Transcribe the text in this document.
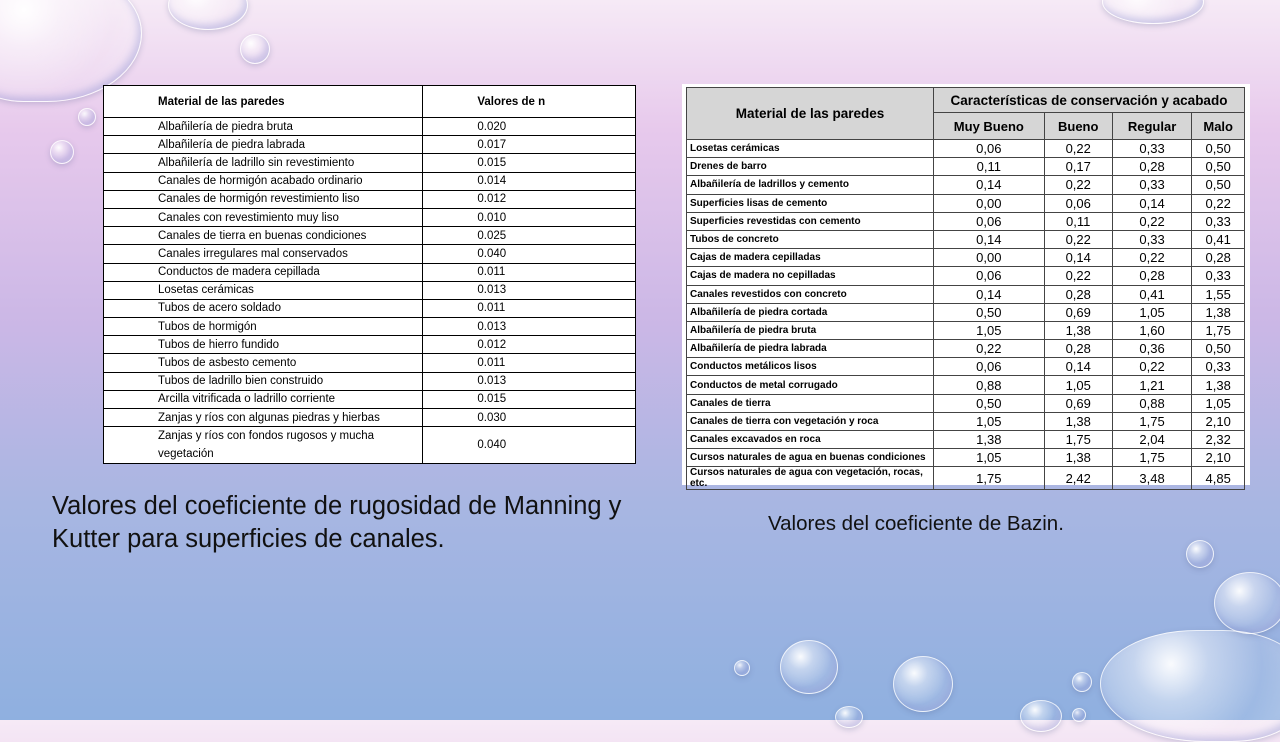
Material de las paredes	Valores de n
Albañilería de piedra bruta	0.020
Albañilería de piedra labrada	0.017
Albañilería de ladrillo sin revestimiento	0.015
Canales de hormigón acabado ordinario	0.014
Canales de hormigón revestimiento liso	0.012
Canales con revestimiento muy liso	0.010
Canales de tierra en buenas condiciones	0.025
Canales irregulares mal conservados	0.040
Conductos de madera cepillada	0.011
Losetas cerámicas	0.013
Tubos de acero soldado	0.011
Tubos de hormigón	0.013
Tubos de hierro fundido	0.012
Tubos de asbesto cemento	0.011
Tubos de ladrillo bien construido	0.013
Arcilla vitrificada o ladrillo corriente	0.015
Zanjas y ríos con algunas piedras y hierbas	0.030
Zanjas y ríos con fondos rugosos y mucha vegetación	0.040
Valores del coeficiente de rugosidad de Manning y Kutter para superficies de canales.
Material de las paredes	Características de conservación y acabado			
	Muy Bueno	Bueno	Regular	Malo
Losetas cerámicas	0,06	0,22	0,33	0,50
Drenes de barro	0,11	0,17	0,28	0,50
Albañilería de ladrillos y cemento	0,14	0,22	0,33	0,50
Superficies lisas de cemento	0,00	0,06	0,14	0,22
Superficies revestidas con cemento	0,06	0,11	0,22	0,33
Tubos de concreto	0,14	0,22	0,33	0,41
Cajas de madera cepilladas	0,00	0,14	0,22	0,28
Cajas de madera no cepilladas	0,06	0,22	0,28	0,33
Canales revestidos con concreto	0,14	0,28	0,41	1,55
Albañilería de piedra cortada	0,50	0,69	1,05	1,38
Albañilería de piedra bruta	1,05	1,38	1,60	1,75
Albañilería de piedra labrada	0,22	0,28	0,36	0,50
Conductos metálicos lisos	0,06	0,14	0,22	0,33
Conductos de metal corrugado	0,88	1,05	1,21	1,38
Canales de tierra	0,50	0,69	0,88	1,05
Canales de tierra con vegetación y roca	1,05	1,38	1,75	2,10
Canales excavados en roca	1,38	1,75	2,04	2,32
Cursos naturales de agua en buenas condiciones	1,05	1,38	1,75	2,10
Cursos naturales de agua con vegetación, rocas, etc.	1,75	2,42	3,48	4,85
Valores del coeficiente de Bazin.
